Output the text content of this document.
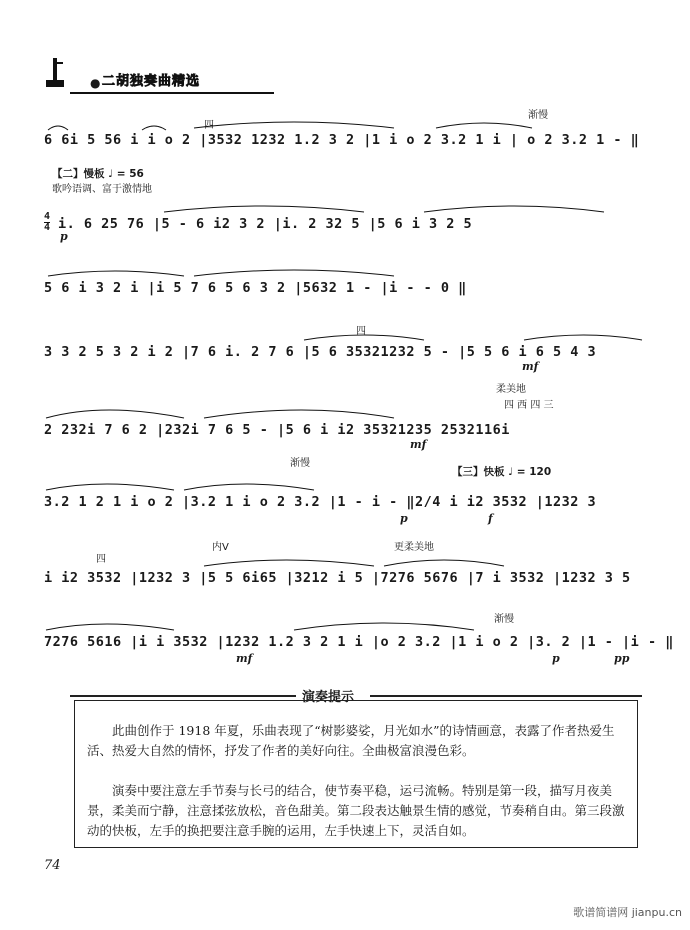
● 二胡独奏曲精选
四
渐慢
6 6i 5 56 i i o 2 |3532 1232 1.2 3 2 |1 i o 2 3.2 1 i | o 2 3.2 1 - ‖
【二】慢板 ♩ = 56
歌吟语调、富于激情地
4
4 i. 6 25 76 |5 - 6 i2 3 2 |i. 2 32 5 |5 6 i 3 2 5
p
5 6 i 3 2 i |i 5 7 6 5 6 3 2 |5632 1 - |i - - 0 ‖
四
3 3 2 5 3 2 i 2 |7 6 i. 2 7 6 |5 6 35321232 5 - |5 5 6 i 6 5 4 3
mf
柔美地
四 西 四 三
2 232i 7 6 2 |232i 7 6 5 - |5 6 i i2 35321235 2532116i
mf
【三】快板 ♩ = 120
渐慢
3.2 1 2 1 i o 2 |3.2 1 i o 2 3.2 |1 - i - ‖2/4 i i2 3532 |1232 3
p	f
四
内V	更柔美地
i i2 3532 |1232 3 |5 5 6i65 |3212 i 5 |7276 5676 |7 i 3532 |1232 3 5
渐慢
7276 5616 |i i 3532 |1232 1.2 3 2 1 i |o 2 3.2 |1 i o 2 |3. 2 |1 - |i - ‖
mf	p	pp
演奏提示
此曲创作于 1918 年夏，乐曲表现了“树影婆娑，月光如水”的诗情画意，表露了作者热爱生活、热爱大自然的情怀，抒发了作者的美好向往。全曲极富浪漫色彩。
演奏中要注意左手节奏与长弓的结合，使节奏平稳，运弓流畅。特别是第一段，描写月夜美景，柔美而宁静，注意揉弦放松，音色甜美。第二段表达触景生情的感觉，节奏稍自由。第三段激动的快板，左手的换把要注意手腕的运用，左手快速上下，灵活自如。
74
歌谱简谱网 jianpu.cn
